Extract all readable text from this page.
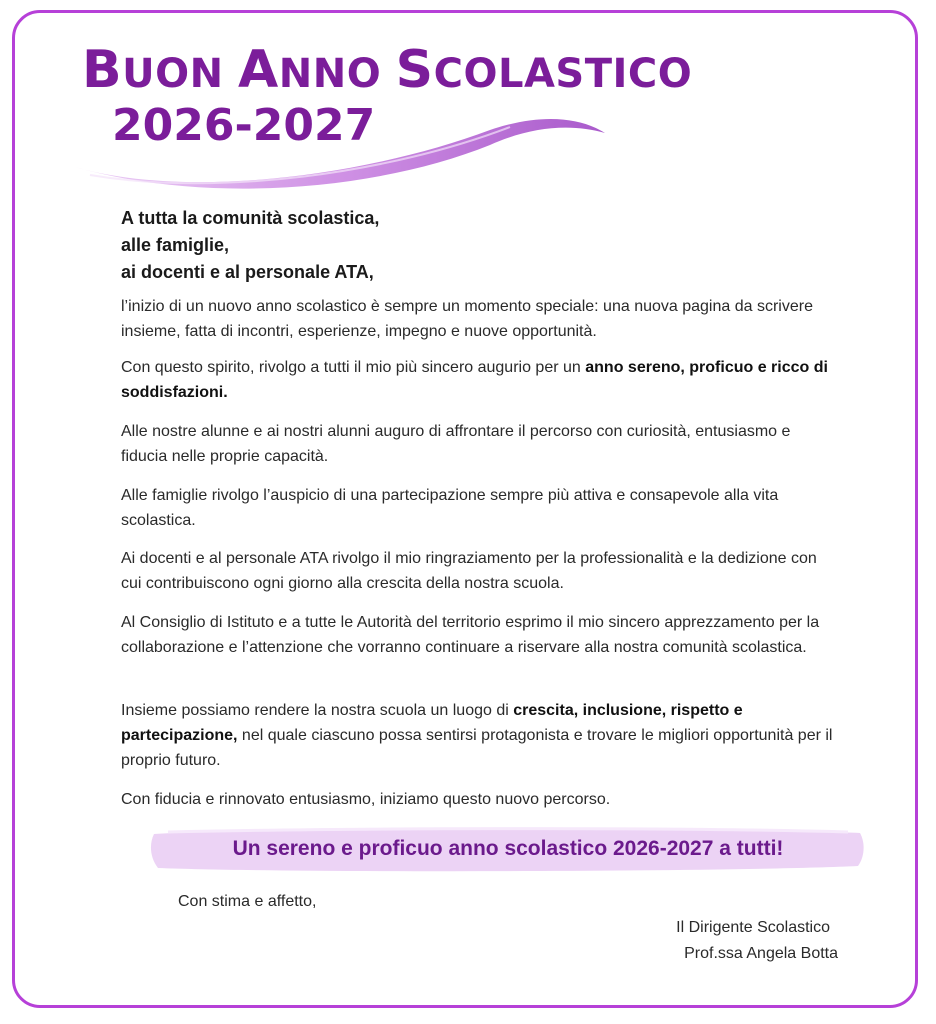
BUON ANNO SCOLASTICO
2026-2027
A tutta la comunità scolastica,
alle famiglie,
ai docenti e al personale ATA,

l’inizio di un nuovo anno scolastico è sempre un momento speciale: una nuova pagina da scrivere insieme, fatta di incontri, esperienze, impegno e nuove opportunità.

Con questo spirito, rivolgo a tutti il mio più sincero augurio per un anno sereno, proficuo e ricco di soddisfazioni.

Alle nostre alunne e ai nostri alunni auguro di affrontare il percorso con curiosità, entusiasmo e fiducia nelle proprie capacità.

Alle famiglie rivolgo l’auspicio di una partecipazione sempre più attiva e consapevole alla vita scolastica.

Ai docenti e al personale ATA rivolgo il mio ringraziamento per la professionalità e la dedizione con cui contribuiscono ogni giorno alla crescita della nostra scuola.

Al Consiglio di Istituto e a tutte le Autorità del territorio esprimo il mio sincero apprezzamento per la collaborazione e l’attenzione che vorranno continuare a riservare alla nostra comunità scolastica.

Insieme possiamo rendere la nostra scuola un luogo di crescita, inclusione, rispetto e partecipazione, nel quale ciascuno possa sentirsi protagonista e trovare le migliori opportunità per il proprio futuro.

Con fiducia e rinnovato entusiasmo, iniziamo questo nuovo percorso.

Un sereno e proficuo anno scolastico 2026-2027 a tutti!

Con stima e affetto,

Il Dirigente Scolastico

Prof.ssa Angela Botta
